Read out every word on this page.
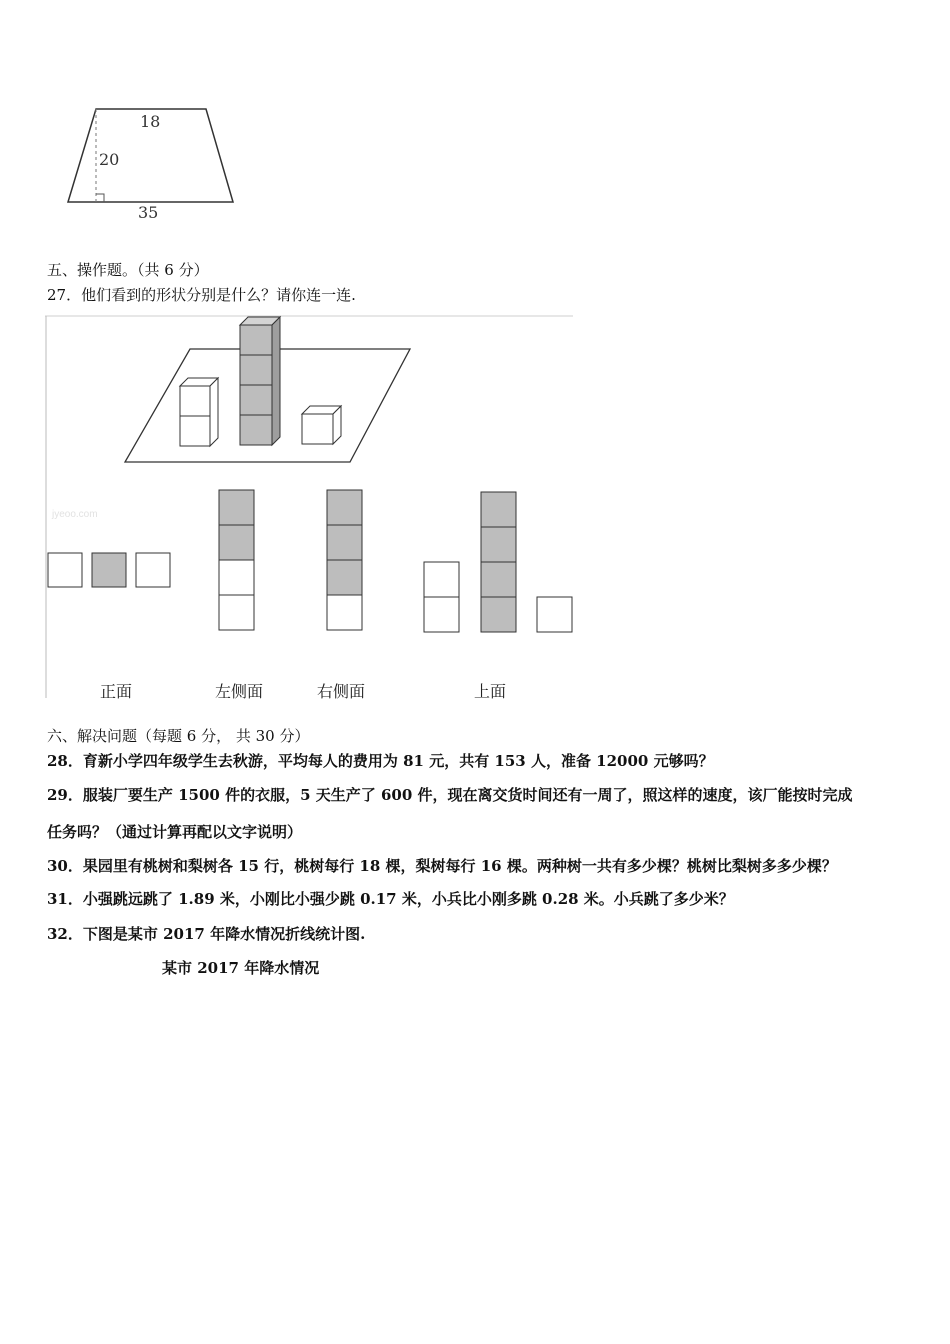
18
20
35
五、操作题。（共 6 分）
27．他们看到的形状分别是什么？请你连一连.
jyeoo.com
正面	左侧面	右侧面	上面
六、解决问题（每题 6 分， 共 30 分）
28．育新小学四年级学生去秋游，平均每人的费用为 81 元，共有 153 人，准备 12000 元够吗？
29．服装厂要生产 1500 件的衣服，5 天生产了 600 件，现在离交货时间还有一周了，照这样的速度，该厂能按时完成
任务吗？（通过计算再配以文字说明）
30．果园里有桃树和梨树各 15 行，桃树每行 18 棵，梨树每行 16 棵。两种树一共有多少棵？桃树比梨树多多少棵？
31．小强跳远跳了 1.89 米，小刚比小强少跳 0.17 米，小兵比小刚多跳 0.28 米。小兵跳了多少米？
32．下图是某市 2017 年降水情况折线统计图.
某市 2017 年降水情况
